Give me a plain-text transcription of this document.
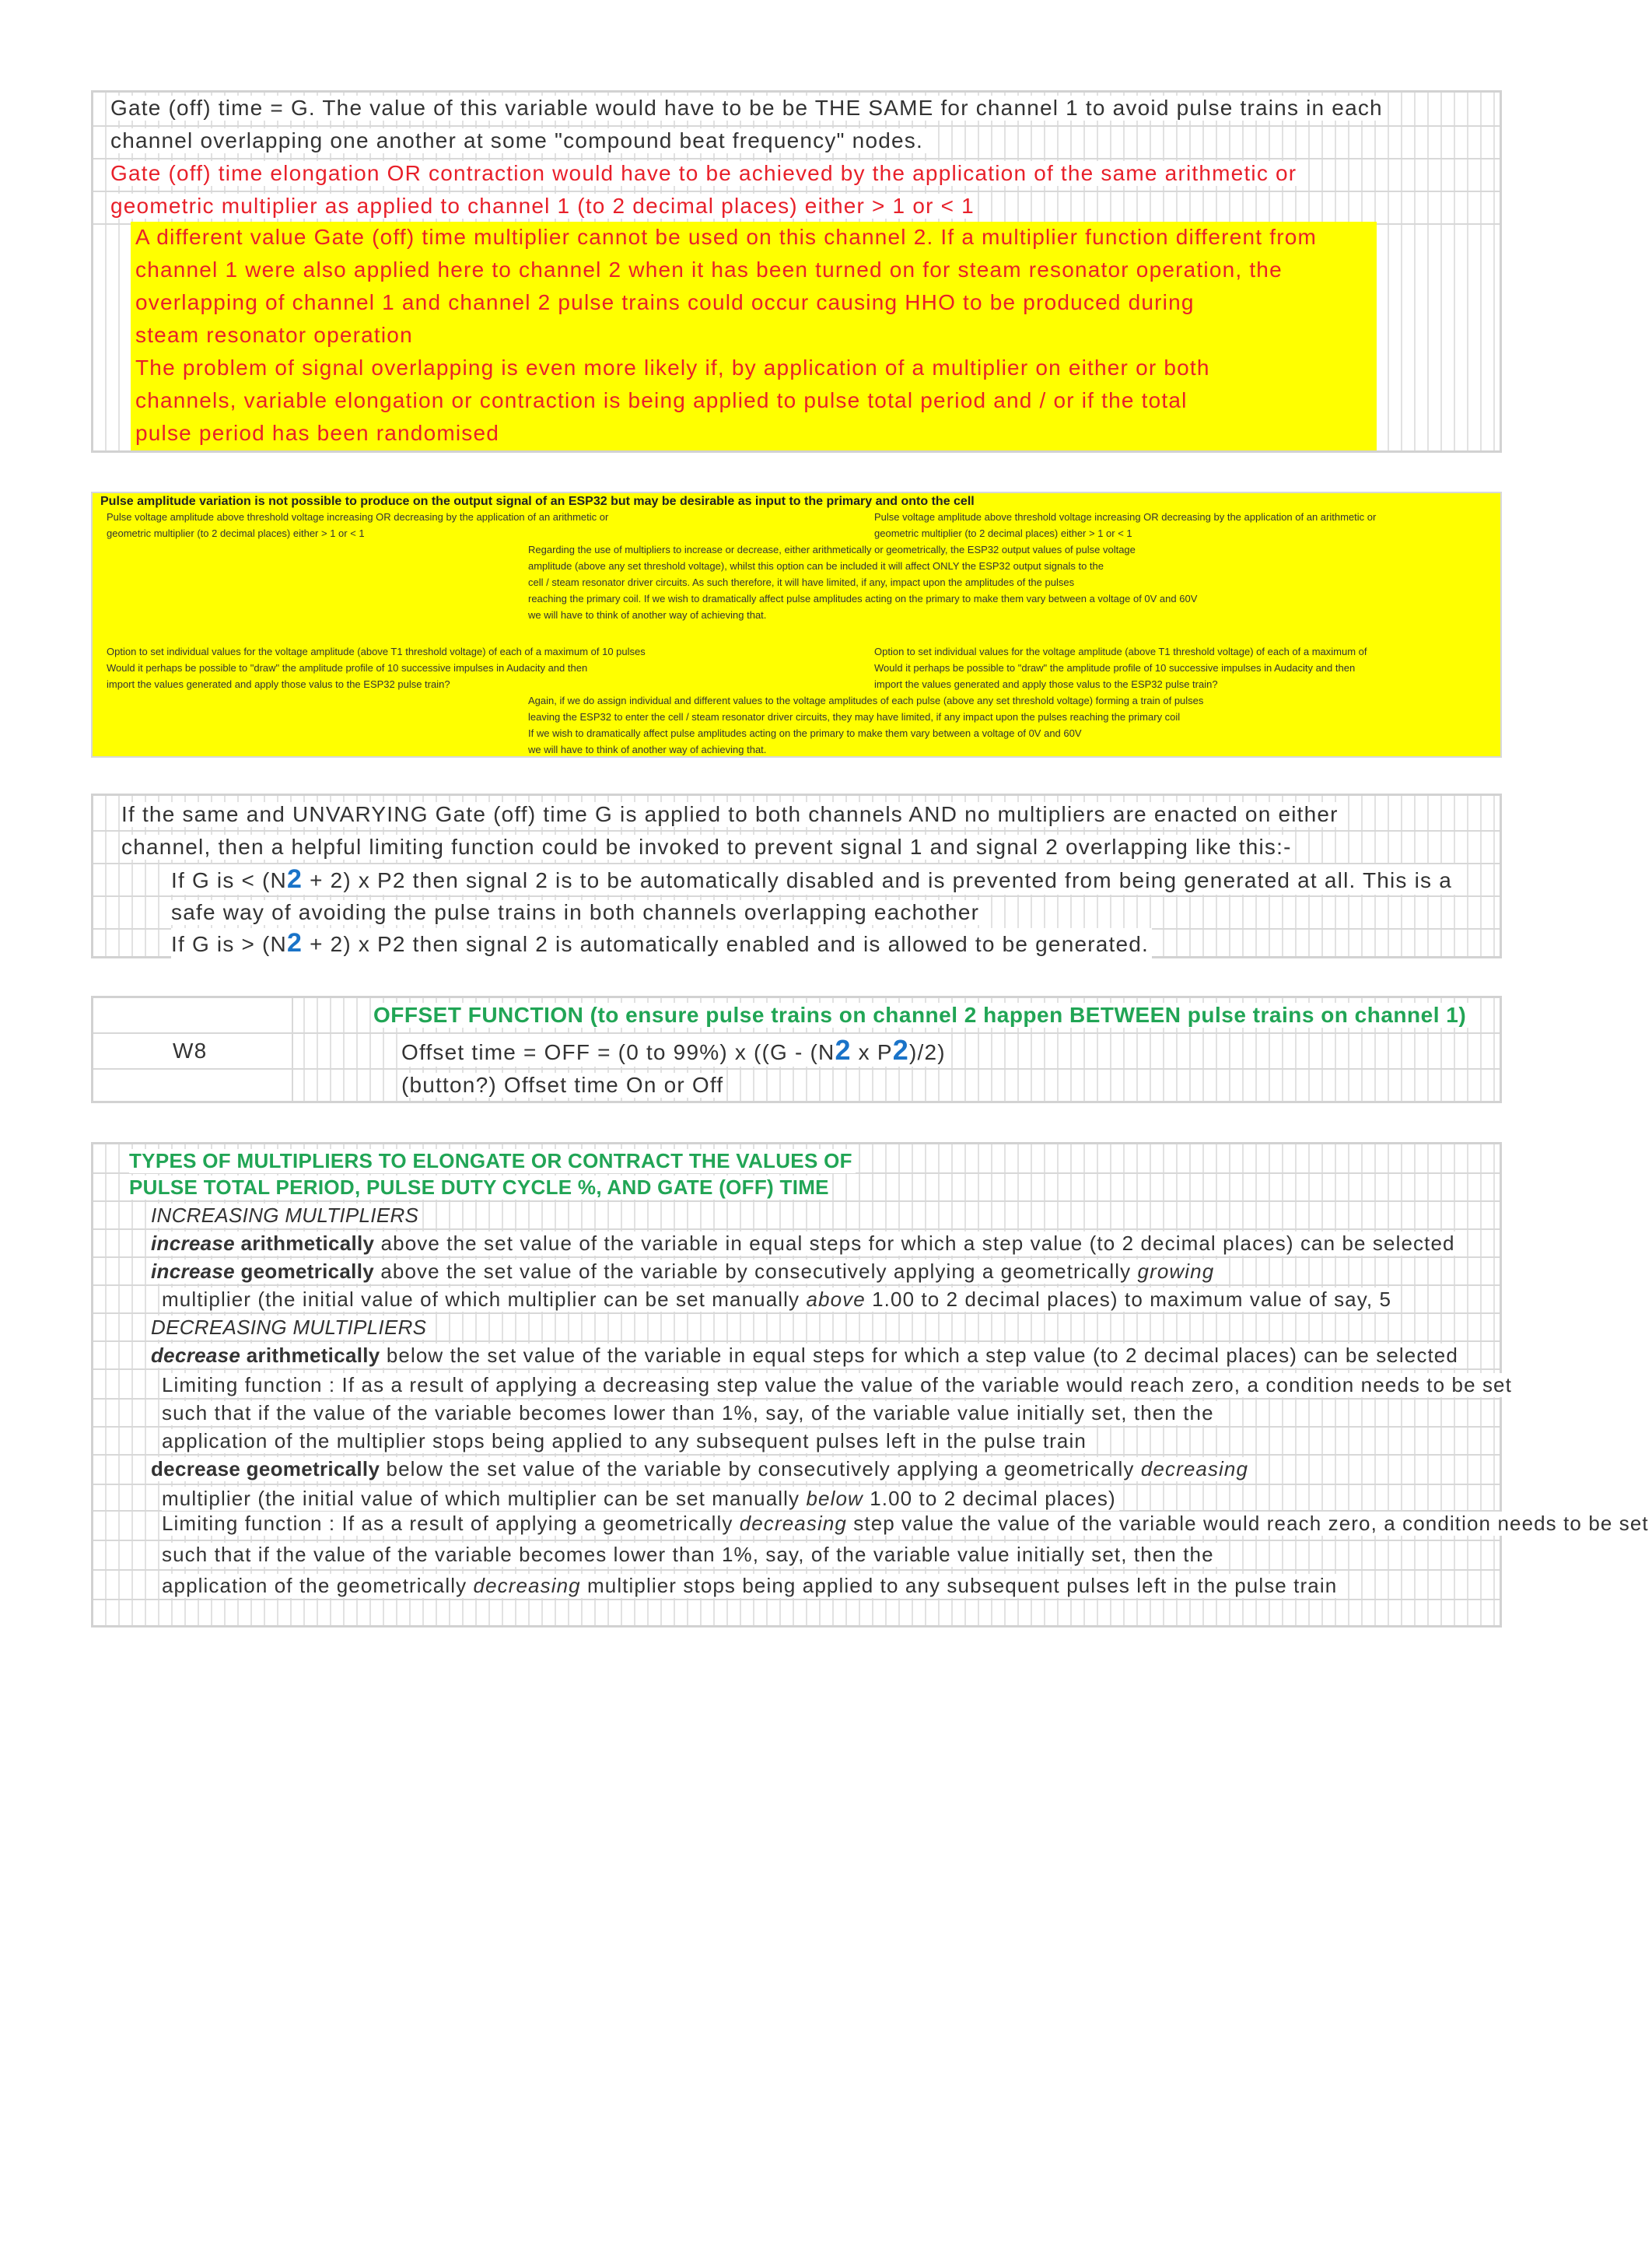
Gate (off) time = G. The value of this variable would have to be be THE SAME for channel 1 to avoid pulse trains in each
channel overlapping one another at some "compound beat frequency" nodes.
Gate (off) time elongation OR contraction would have to be achieved by the application of the same arithmetic or
geometric multiplier as applied to channel 1 (to 2 decimal places) either > 1 or < 1
A different value Gate (off) time multiplier cannot be used on this channel 2. If a multiplier function different from
channel 1 were also applied here to channel 2 when it has been turned on for steam resonator operation, the
overlapping of channel 1 and channel 2 pulse trains could occur causing HHO to be produced during
steam resonator operation
The problem of signal overlapping is even more likely if, by application of a multiplier on either or both
channels, variable elongation or contraction is being applied to pulse total period and / or if the total
pulse period has been randomised
Pulse amplitude variation is not possible to produce on the output signal of an ESP32 but may be desirable as input to the primary and onto the cell
Pulse voltage amplitude above threshold voltage increasing OR decreasing by the application of an arithmetic or
geometric multiplier (to 2 decimal places) either > 1 or < 1
Pulse voltage amplitude above threshold voltage increasing OR decreasing by the application of an arithmetic or
geometric multiplier (to 2 decimal places) either > 1 or < 1
Regarding the use of multipliers to increase or decrease, either arithmetically or geometrically, the ESP32 output values of pulse voltage
amplitude (above any set threshold voltage), whilst this option can be included it will affect ONLY the ESP32 output signals to the
cell / steam resonator driver circuits. As such therefore, it will have limited, if any, impact upon the amplitudes of the pulses
reaching the primary coil. If we wish to dramatically affect pulse amplitudes acting on the primary to make them vary between a voltage of 0V and 60V
we will have to think of another way of achieving that.
Option to set individual values for the voltage amplitude (above T1 threshold voltage) of each of a maximum of 10 pulses
Would it perhaps be possible to "draw" the amplitude profile of 10 successive impulses in Audacity and then
import the values generated and apply those valus to the ESP32 pulse train?
Option to set individual values for the voltage amplitude (above T1 threshold voltage) of each of a maximum of
Would it perhaps be possible to "draw" the amplitude profile of 10 successive impulses in Audacity and then
import the values generated and apply those valus to the ESP32 pulse train?
Again, if we do assign individual and different values to the voltage amplitudes of each pulse (above any set threshold voltage) forming a train of pulses
leaving the ESP32 to enter the cell / steam resonator driver circuits, they may have limited, if any impact upon the pulses reaching the primary coil
If we wish to dramatically affect pulse amplitudes acting on the primary to make them vary between a voltage of 0V and 60V
we will have to think of another way of achieving that.
If the same and UNVARYING Gate (off) time G is applied to both channels AND no multipliers are enacted on either
channel, then a helpful limiting function could be invoked to prevent signal 1 and signal 2 overlapping like this:-
If G is < (N2 + 2) x P2 then signal 2 is to be automatically disabled and is prevented from being generated at all. This is a
safe way of avoiding the pulse trains in both channels overlapping eachother
If G is > (N2 + 2) x P2 then signal 2 is automatically enabled and is allowed to be generated.
OFFSET FUNCTION (to ensure pulse trains on channel 2 happen BETWEEN pulse trains on channel 1)
W8	Offset time = OFF = (0 to 99%) x ((G - (N2 x P2)/2)
(button?) Offset time On or Off
TYPES OF MULTIPLIERS TO ELONGATE OR CONTRACT THE VALUES OF
PULSE TOTAL PERIOD, PULSE DUTY CYCLE %, AND GATE (OFF) TIME
INCREASING MULTIPLIERS
increase arithmetically above the set value of the variable in equal steps for which a step value (to 2 decimal places) can be selected
increase geometrically above the set value of the variable by consecutively applying a geometrically growing
multiplier (the initial value of which multiplier can be set manually above 1.00 to 2 decimal places) to maximum value of say, 5
DECREASING MULTIPLIERS
decrease arithmetically below the set value of the variable in equal steps for which a step value (to 2 decimal places) can be selected
Limiting function : If as a result of applying a decreasing step value the value of the variable would reach zero, a condition needs to be set
such that if the value of the variable becomes lower than 1%, say, of the variable value initially set, then the
application of the multiplier stops being applied to any subsequent pulses left in the pulse train
decrease geometrically below the set value of the variable by consecutively applying a geometrically decreasing
multiplier (the initial value of which multiplier can be set manually below 1.00 to 2 decimal places)
Limiting function : If as a result of applying a geometrically decreasing step value the value of the variable would reach zero, a condition needs to be set
such that if the value of the variable becomes lower than 1%, say, of the variable value initially set, then the
application of the geometrically decreasing multiplier stops being applied to any subsequent pulses left in the pulse train
